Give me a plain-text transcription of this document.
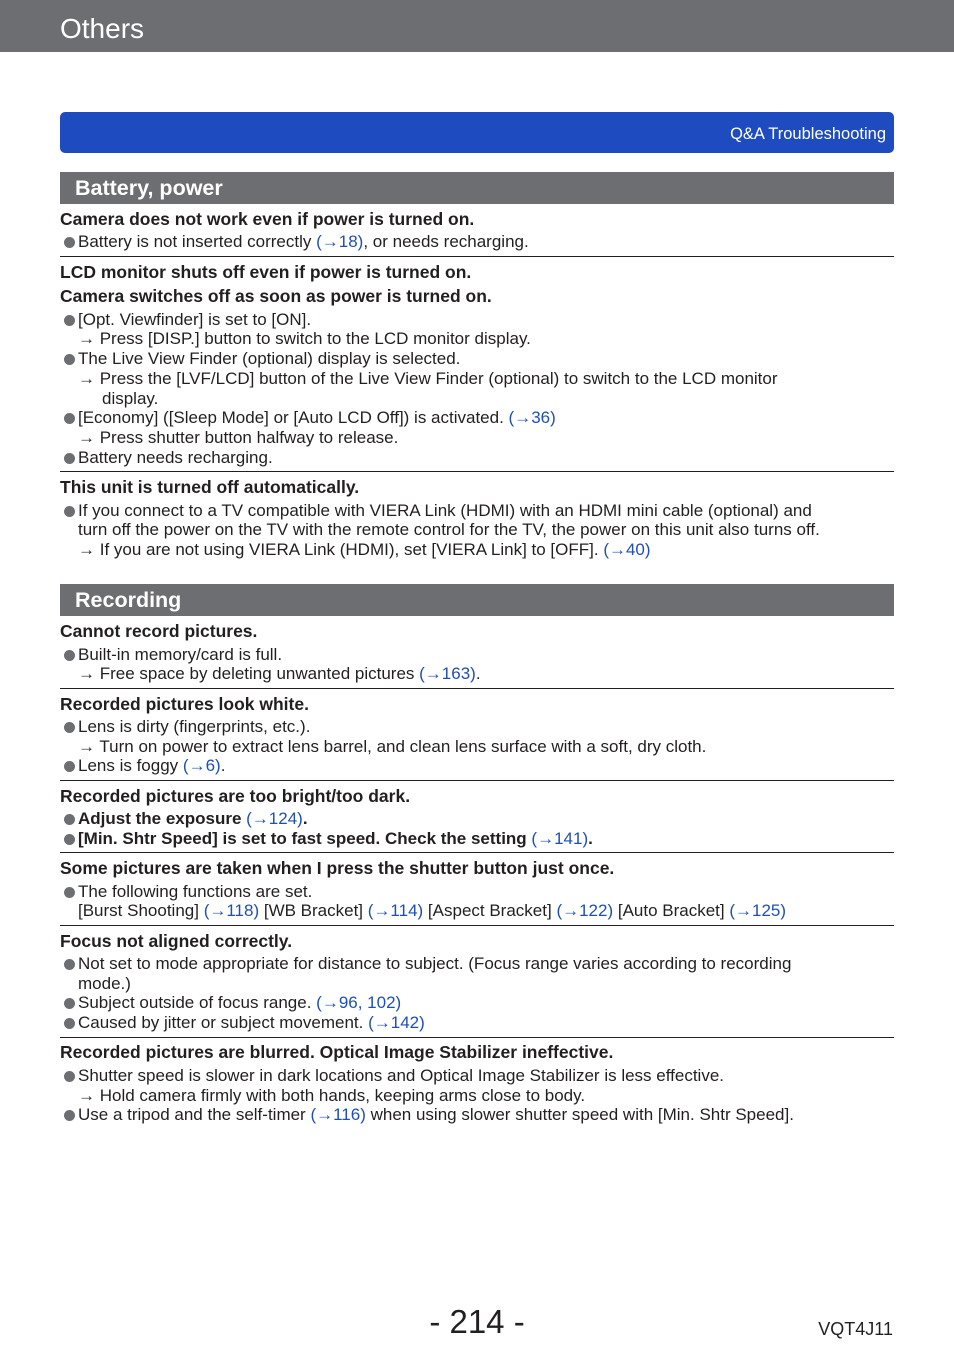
Others
Q&A Troubleshooting
Battery, power
Camera does not work even if power is turned on.
Battery is not inserted correctly (→18), or needs recharging.
LCD monitor shuts off even if power is turned on.
Camera switches off as soon as power is turned on.
[Opt. Viewfinder] is set to [ON].
→ Press [DISP.] button to switch to the LCD monitor display.
The Live View Finder (optional) display is selected.
→ Press the [LVF/LCD] button of the Live View Finder (optional) to switch to the LCD monitor
display.
[Economy] ([Sleep Mode] or [Auto LCD Off]) is activated. (→36)
→ Press shutter button halfway to release.
Battery needs recharging.
This unit is turned off automatically.
If you connect to a TV compatible with VIERA Link (HDMI) with an HDMI mini cable (optional) and
turn off the power on the TV with the remote control for the TV, the power on this unit also turns off.
→ If you are not using VIERA Link (HDMI), set [VIERA Link] to [OFF]. (→40)
Recording
Cannot record pictures.
Built-in memory/card is full.
→ Free space by deleting unwanted pictures (→163).
Recorded pictures look white.
Lens is dirty (fingerprints, etc.).
→ Turn on power to extract lens barrel, and clean lens surface with a soft, dry cloth.
Lens is foggy (→6).
Recorded pictures are too bright/too dark.
Adjust the exposure (→124).
[Min. Shtr Speed] is set to fast speed. Check the setting (→141).
Some pictures are taken when I press the shutter button just once.
The following functions are set.
[Burst Shooting] (→118) [WB Bracket] (→114) [Aspect Bracket] (→122) [Auto Bracket] (→125)
Focus not aligned correctly.
Not set to mode appropriate for distance to subject. (Focus range varies according to recording
mode.)
Subject outside of focus range. (→96, 102)
Caused by jitter or subject movement. (→142)
Recorded pictures are blurred. Optical Image Stabilizer ineffective.
Shutter speed is slower in dark locations and Optical Image Stabilizer is less effective.
→ Hold camera firmly with both hands, keeping arms close to body.
Use a tripod and the self-timer (→116) when using slower shutter speed with [Min. Shtr Speed].
- 214 -	VQT4J11
